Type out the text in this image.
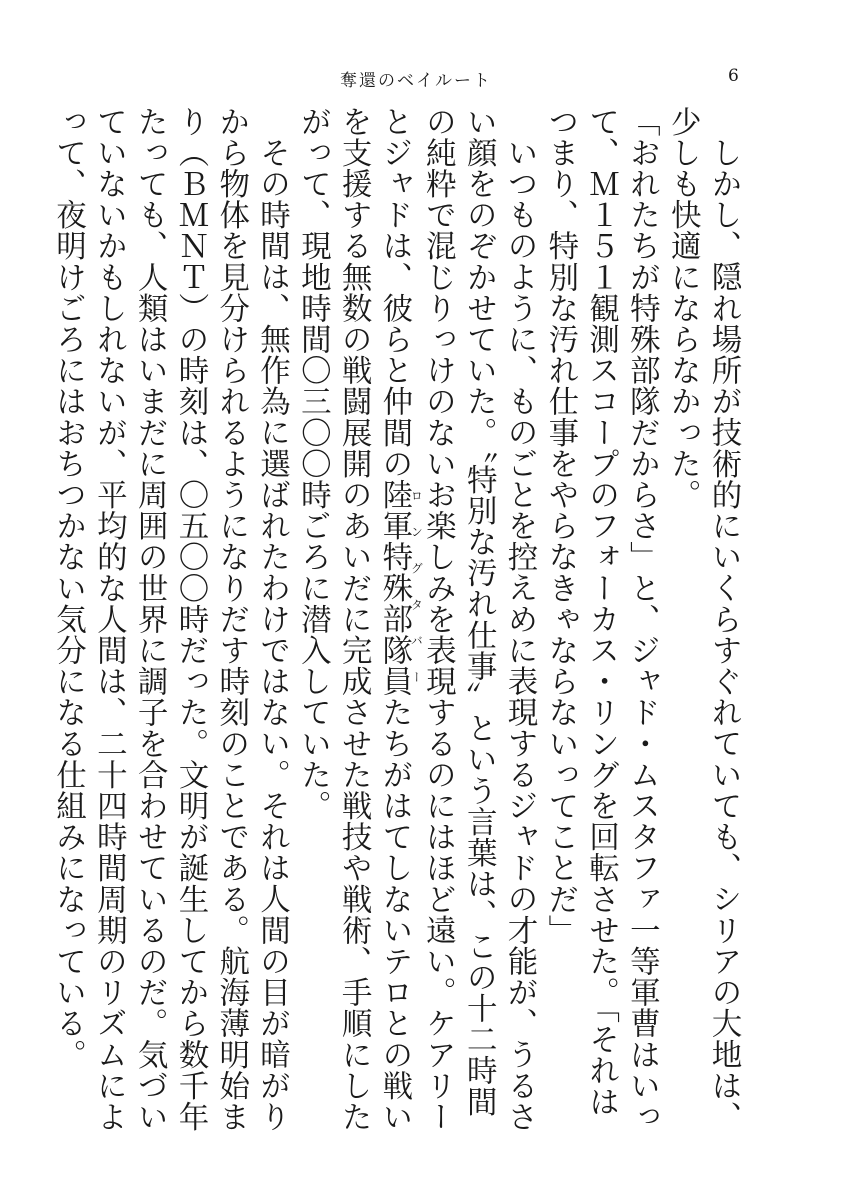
奪還のベイルート	6

しかし、隠れ場所が技術的にいくらすぐれていても、シリアの大地は、少しも快適にならなかった。

「おれたちが特殊部隊だからさ」と、ジャド・ムスタファ一等軍曹はいって、Ｍ１５１観測スコープのフォーカス・リングを回転させた。「それはつまり、特別な汚れ仕事をやらなきゃならないってことだ」

いつものように、ものごとを控えめに表現するジャドの才能が、うるさい顔をのぞかせていた。〝特別な汚れ仕事〟という言葉は、この十二時間の純粋で混じりっけのないお楽しみを表現するのにはほど遠い。ケアリーとジャドは、彼らと仲間の陸軍特殊部隊員ロングタバーたちがはてしないテロとの戦いを支援する無数の戦闘展開のあいだに完成させた戦技や戦術、手順にしたがって、現地時間〇三〇〇時ごろに潜入していた。

その時間は、無作為に選ばれたわけではない。それは人間の目が暗がりから物体を見分けられるようになりだす時刻のことである。航海薄明始まり（ＢＭＮＴ）の時刻は、〇五〇〇時だった。文明が誕生してから数千年たっても、人類はいまだに周囲の世界に調子を合わせているのだ。気づいていないかもしれないが、平均的な人間は、二十四時間周期のリズムによって、夜明けごろにはおちつかない気分になる仕組みになっている。
